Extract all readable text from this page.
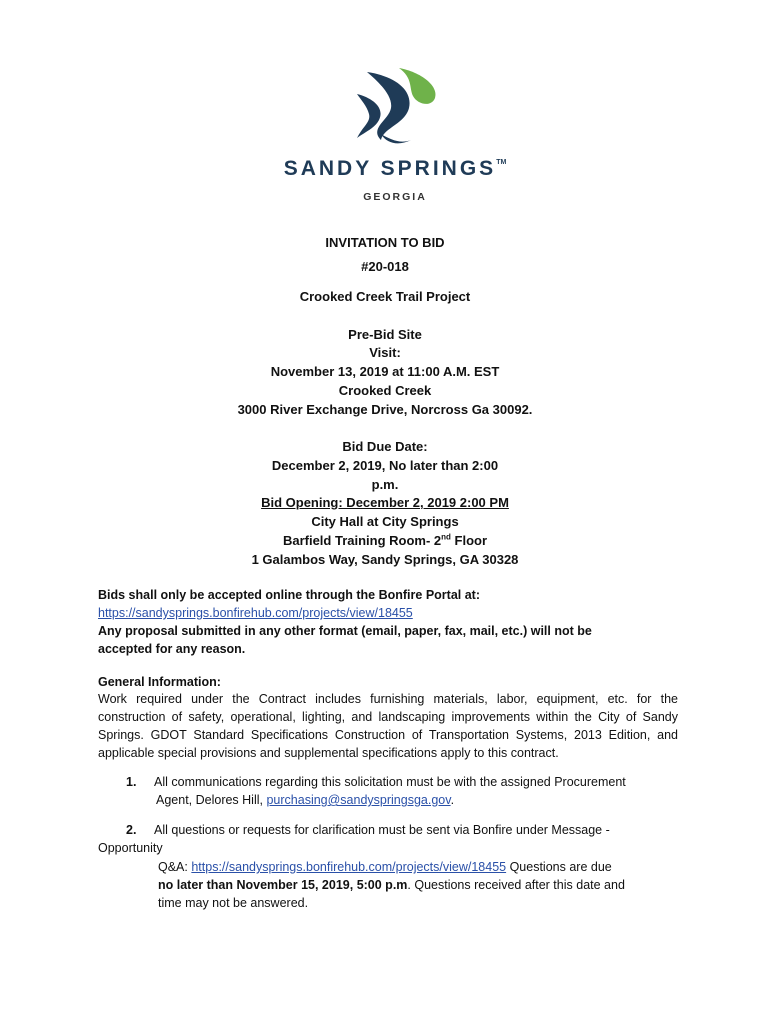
SANDY SPRINGS™
GEORGIA
INVITATION TO BID
#20-018
Crooked Creek Trail Project
Pre-Bid Site
Visit:
November 13, 2019 at 11:00 A.M. EST
Crooked Creek
3000 River Exchange Drive, Norcross Ga 30092.
Bid Due Date:
December 2, 2019, No later than 2:00
p.m.
Bid Opening: December 2, 2019 2:00 PM
City Hall at City Springs
Barfield Training Room- 2nd Floor
1 Galambos Way, Sandy Springs, GA 30328
Bids shall only be accepted online through the Bonfire Portal at:
https://sandysprings.bonfirehub.com/projects/view/18455
Any proposal submitted in any other format (email, paper, fax, mail, etc.) will not be
accepted for any reason.
General Information:
Work required under the Contract includes furnishing materials, labor, equipment, etc. for the construction of safety, operational, lighting, and landscaping improvements within the City of Sandy Springs. GDOT Standard Specifications Construction of Transportation Systems, 2013 Edition, and applicable special provisions and supplemental specifications apply to this contract.
1. All communications regarding this solicitation must be with the assigned Procurement
Agent, Delores Hill, purchasing@sandyspringsga.gov.
2. All questions or requests for clarification must be sent via Bonfire under Message -
Opportunity
Q&A: https://sandysprings.bonfirehub.com/projects/view/18455 Questions are due
no later than November 15, 2019, 5:00 p.m. Questions received after this date and
time may not be answered.
